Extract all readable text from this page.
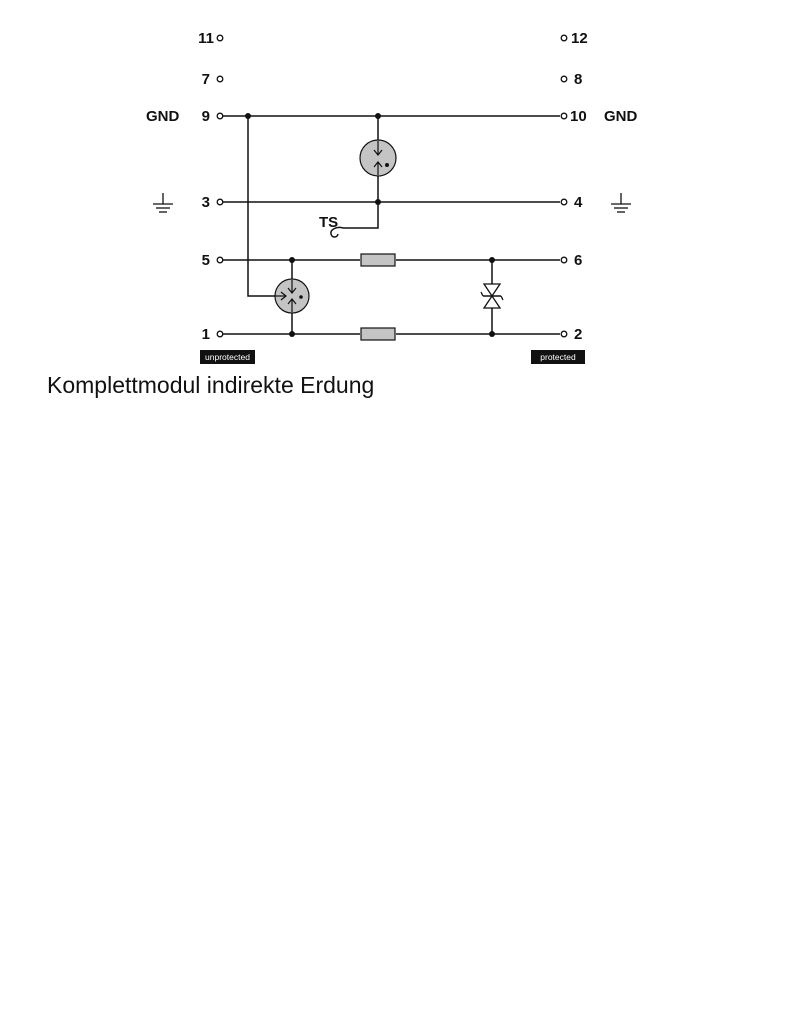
11
7
9
3
5
1
12
8
10
4
6
2
GND	GND
TS
unprotected	protected
Komplettmodul indirekte Erdung
